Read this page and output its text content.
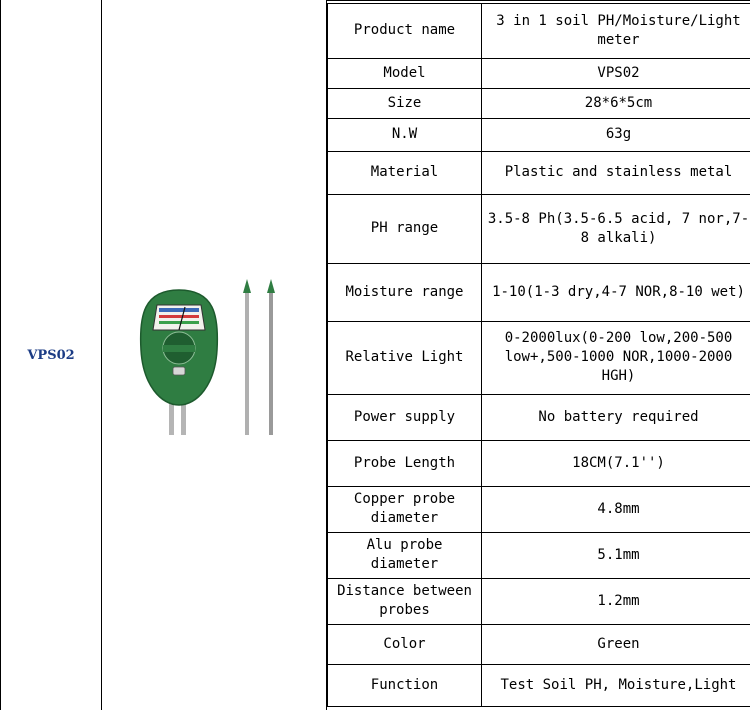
VPS02
Product name	3 in 1 soil PH/Moisture/Light meter
Model	VPS02
Size	28*6*5cm
N.W	63g
Material	Plastic and stainless metal
PH range	3.5-8 Ph(3.5-6.5 acid, 7 nor,7-8 alkali)
Moisture range	1-10(1-3 dry,4-7 NOR,8-10 wet)
Relative Light	0-2000lux(0-200 low,200-500 low+,500-1000 NOR,1000-2000 HGH)
Power supply	No battery required
Probe Length	18CM(7.1'')
Copper probe diameter	4.8mm
Alu probe diameter	5.1mm
Distance between probes	1.2mm
Color	Green
Function	Test Soil PH, Moisture,Light
